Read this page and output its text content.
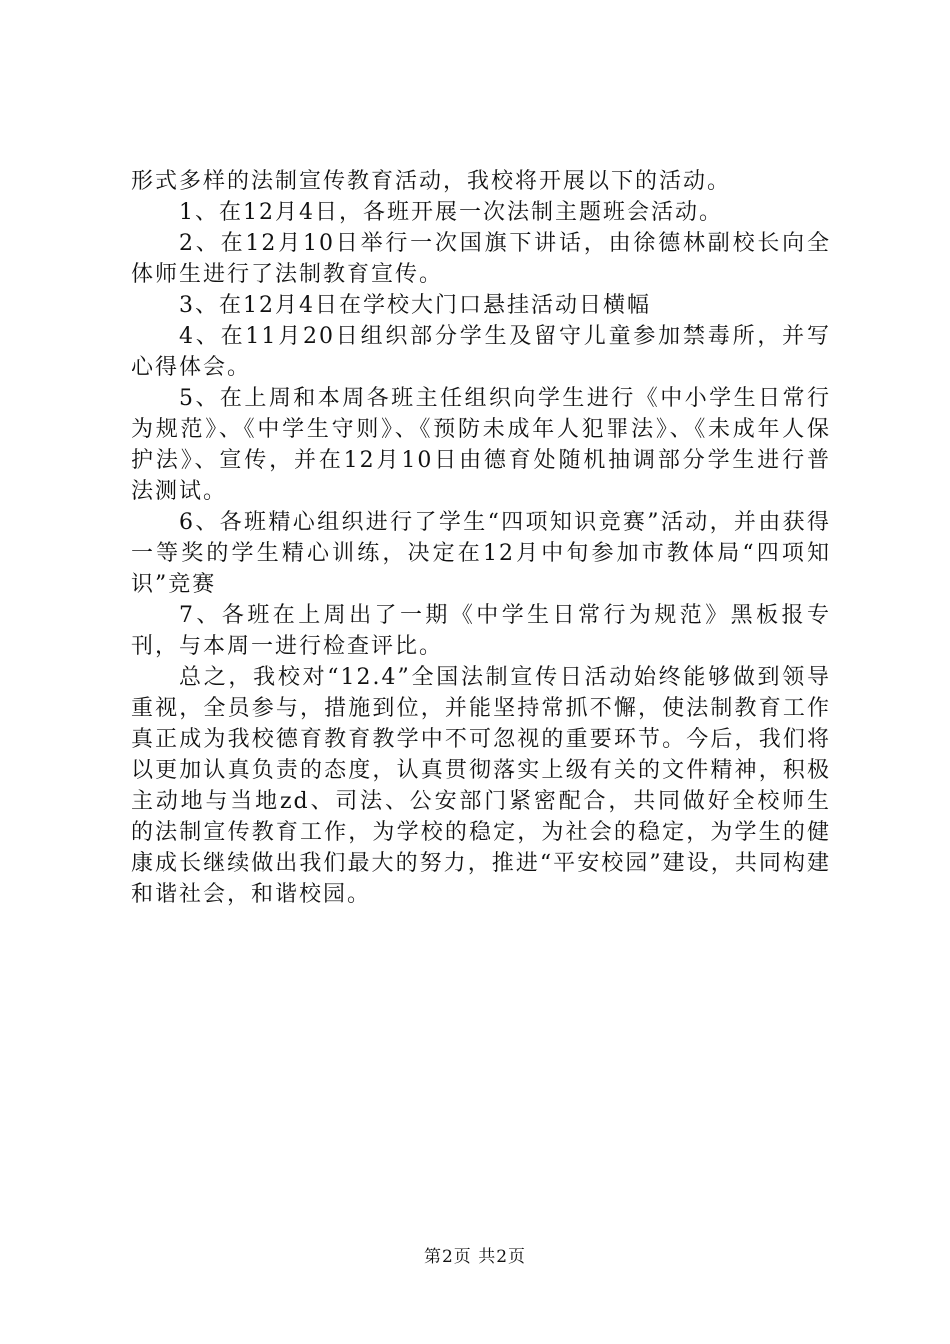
形式多样的法制宣传教育活动，我校将开展以下的活动。

1、在12月4日，各班开展一次法制主题班会活动。

2、在12月10日举行一次国旗下讲话，由徐德林副校长向全体师生进行了法制教育宣传。

3、在12月4日在学校大门口悬挂活动日横幅

4、在11月20日组织部分学生及留守儿童参加禁毒所，并写心得体会。

5、在上周和本周各班主任组织向学生进行《中小学生日常行为规范》、《中学生守则》、《预防未成年人犯罪法》、《未成年人保护法》、宣传，并在12月10日由德育处随机抽调部分学生进行普法测试。

6、各班精心组织进行了学生“四项知识竞赛”活动，并由获得一等奖的学生精心训练，决定在12月中旬参加市教体局“四项知识”竞赛

7、各班在上周出了一期《中学生日常行为规范》黑板报专刊，与本周一进行检查评比。

总之，我校对“12.4”全国法制宣传日活动始终能够做到领导重视，全员参与，措施到位，并能坚持常抓不懈，使法制教育工作真正成为我校德育教育教学中不可忽视的重要环节。今后，我们将以更加认真负责的态度，认真贯彻落实上级有关的文件精神，积极主动地与当地zd、司法、公安部门紧密配合，共同做好全校师生的法制宣传教育工作，为学校的稳定，为社会的稳定，为学生的健康成长继续做出我们最大的努力，推进“平安校园”建设，共同构建和谐社会，和谐校园。

第2页 共2页
